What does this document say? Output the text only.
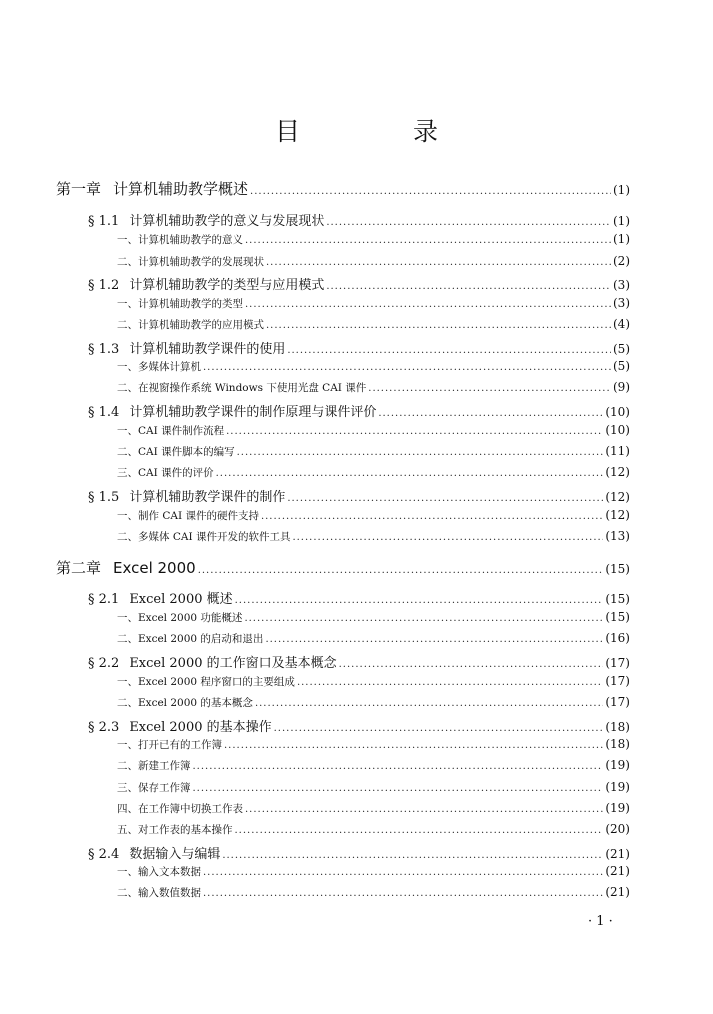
目　录
第一章 计算机辅助教学概述 .....	(1)
§ 1.1 计算机辅助教学的意义与发展现状 .....	(1)
一、计算机辅助教学的意义 .....	(1)
二、计算机辅助教学的发展现状 .....	(2)
§ 1.2 计算机辅助教学的类型与应用模式 .....	(3)
一、计算机辅助教学的类型 .....	(3)
二、计算机辅助教学的应用模式 .....	(4)
§ 1.3 计算机辅助教学课件的使用 .....	(5)
一、多媒体计算机 .....	(5)
二、在视窗操作系统 Windows 下使用光盘 CAI 课件 .....	(9)
§ 1.4 计算机辅助教学课件的制作原理与课件评价 .....	(10)
一、CAI 课件制作流程 .....	(10)
二、CAI 课件脚本的编写 .....	(11)
三、CAI 课件的评价 .....	(12)
§ 1.5 计算机辅助教学课件的制作 .....	(12)
一、制作 CAI 课件的硬件支持 .....	(12)
二、多媒体 CAI 课件开发的软件工具 .....	(13)
第二章 Excel 2000 .....	(15)
§ 2.1 Excel 2000 概述 .....	(15)
一、Excel 2000 功能概述 .....	(15)
二、Excel 2000 的启动和退出 .....	(16)
§ 2.2 Excel 2000 的工作窗口及基本概念 .....	(17)
一、Excel 2000 程序窗口的主要组成 .....	(17)
二、Excel 2000 的基本概念 .....	(17)
§ 2.3 Excel 2000 的基本操作 .....	(18)
一、打开已有的工作簿 .....	(18)
二、新建工作簿 .....	(19)
三、保存工作簿 .....	(19)
四、在工作簿中切换工作表 .....	(19)
五、对工作表的基本操作 .....	(20)
§ 2.4 数据输入与编辑 .....	(21)
一、输入文本数据 .....	(21)
二、输入数值数据 .....	(21)
· 1 ·
